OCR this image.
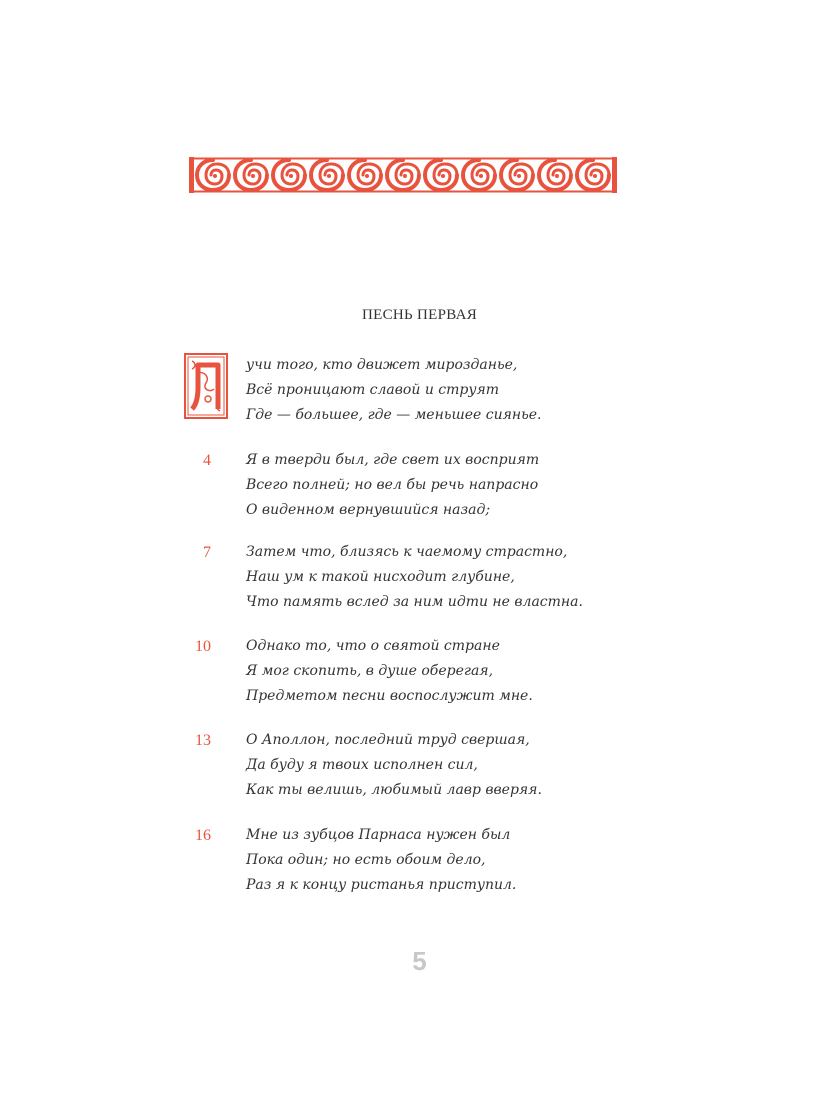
ПЕСНЬ ПЕРВАЯ
Л
учи того, кто движет мирозданье,
Всё проницают славой и струят
Где — большее, где — меньшее сиянье.
4	Я в тверди был, где свет их восприят
Всего полней; но вел бы речь напрасно
О виденном вернувшийся назад;
7	Затем что, близясь к чаемому страстно,
Наш ум к такой нисходит глубине,
Что память вслед за ним идти не властна.
10	Однако то, что о святой стране
Я мог скопить, в душе оберегая,
Предметом песни воспослужит мне.
13	О Аполлон, последний труд свершая,
Да буду я твоих исполнен сил,
Как ты велишь, любимый лавр вверяя.
16	Мне из зубцов Парнаса нужен был
Пока один; но есть обоим дело,
Раз я к концу ристанья приступил.
5
